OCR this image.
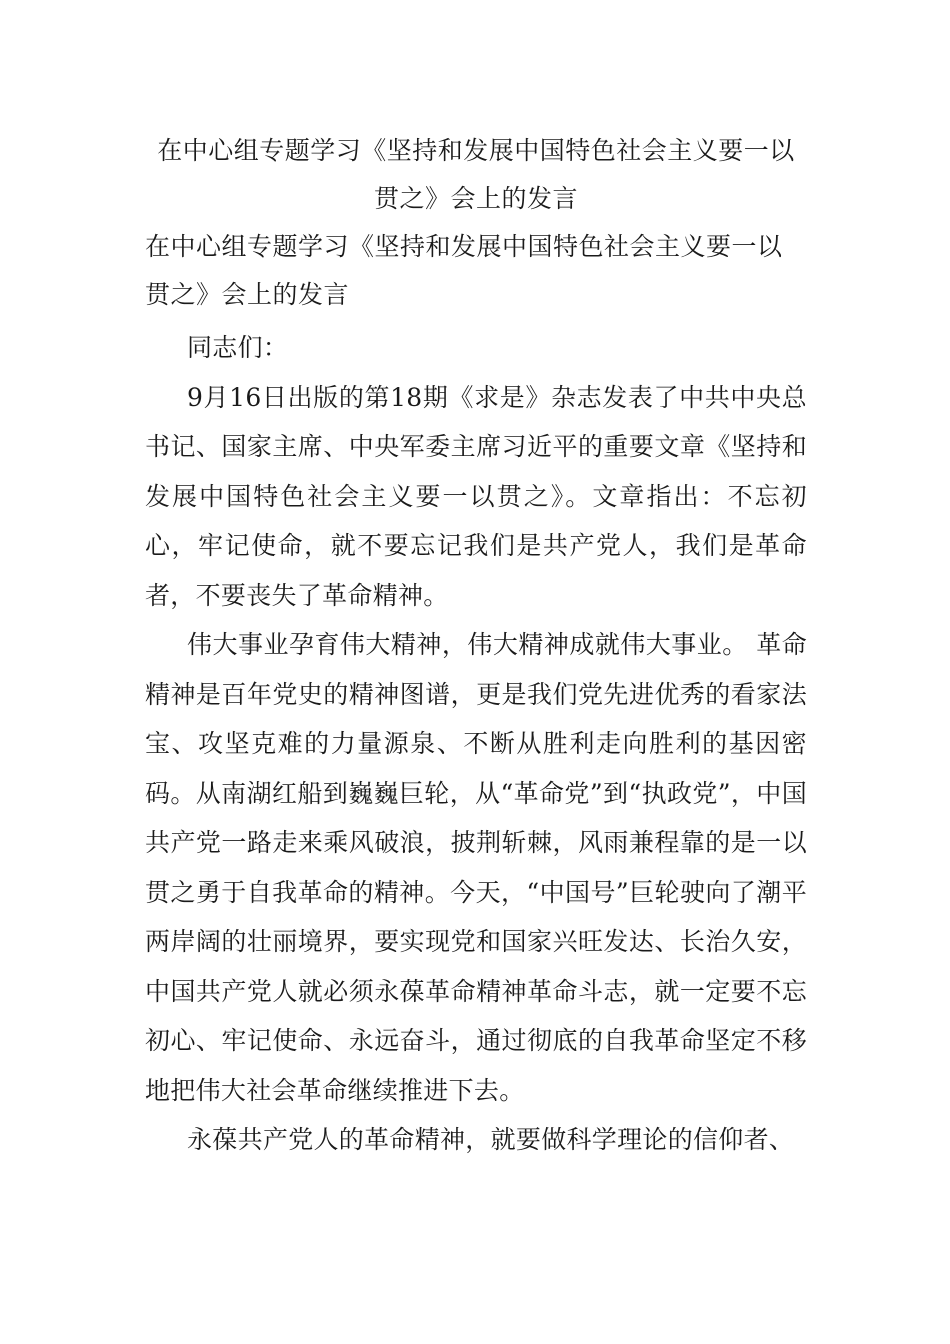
在中心组专题学习《坚持和发展中国特色社会主义要一以贯之》会上的发言
在中心组专题学习《坚持和发展中国特色社会主义要一以贯之》会上的发言

同志们：

9月16日出版的第18期《求是》杂志发表了中共中央总书记、国家主席、中央军委主席习近平的重要文章《坚持和发展中国特色社会主义要一以贯之》。文章指出：不忘初心，牢记使命，就不要忘记我们是共产党人，我们是革命者，不要丧失了革命精神。

伟大事业孕育伟大精神，伟大精神成就伟大事业。 革命精神是百年党史的精神图谱，更是我们党先进优秀的看家法宝、攻坚克难的力量源泉、不断从胜利走向胜利的基因密码。从南湖红船到巍巍巨轮，从“革命党”到“执政党”，中国共产党一路走来乘风破浪，披荆斩棘，风雨兼程靠的是一以贯之勇于自我革命的精神。今天，“中国号”巨轮驶向了潮平两岸阔的壮丽境界，要实现党和国家兴旺发达、长治久安，中国共产党人就必须永葆革命精神革命斗志，就一定要不忘初心、牢记使命、永远奋斗，通过彻底的自我革命坚定不移地把伟大社会革命继续推进下去。

永葆共产党人的革命精神，就要做科学理论的信仰者、
